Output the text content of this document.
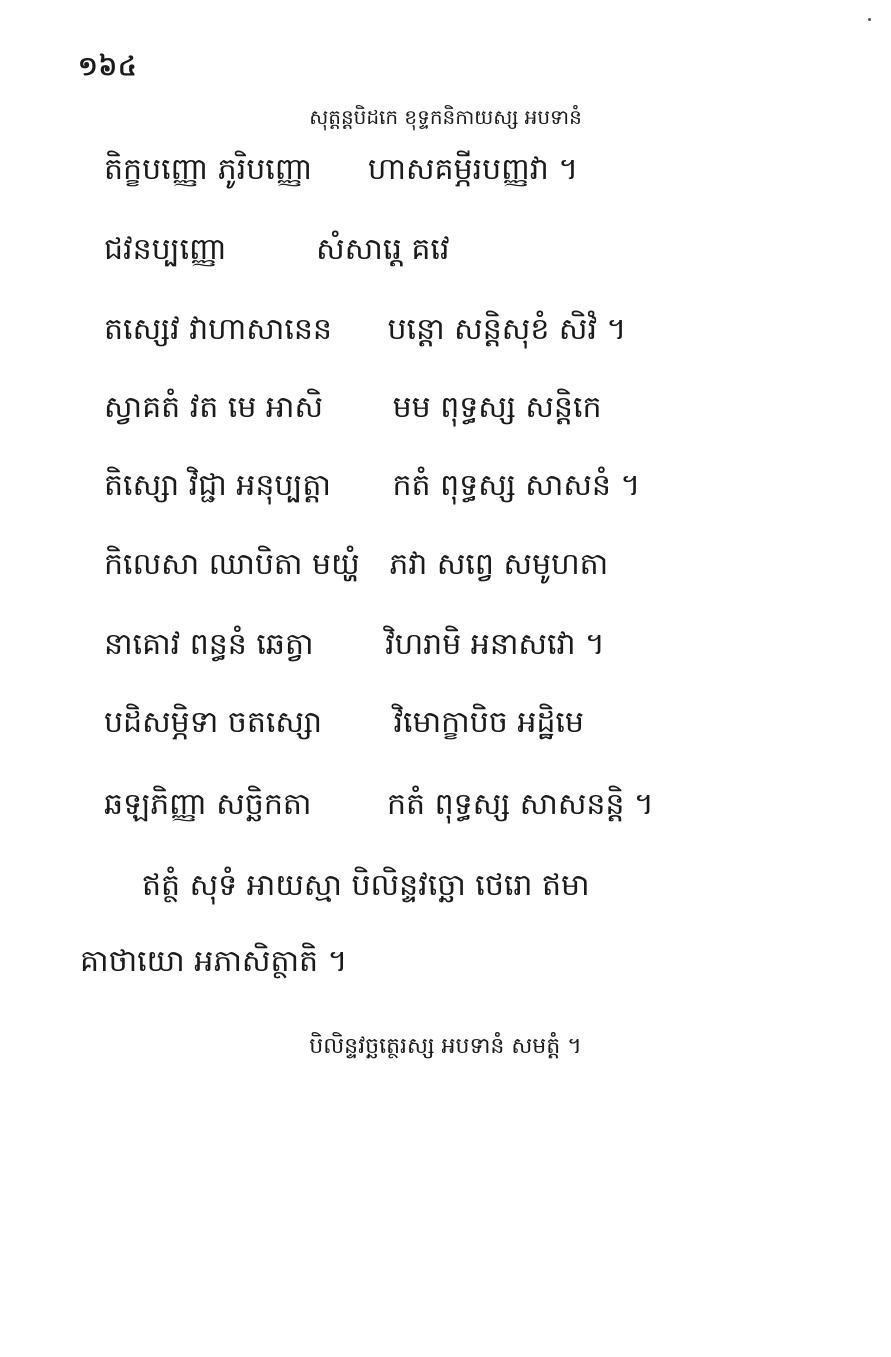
១៦៤
សុត្តន្តបិដកេ ខុទ្ទកនិកាយស្ស អបទានំ
តិក្ខបញ្ញោ ភូរិបញ្ញោ ហាសគម្ភីរបញ្ញវា ។
ជវនប្បញ្ញោ	សំសារេ្ត គវេ
តស្សេវ វាហាសានេន បន្តោ សន្តិសុខំ សិវំ ។
ស្វាគតំ វត មេ អាសិ មម ពុទ្ធស្ស សន្តិកេ
តិស្សោ វិជ្ជា អនុប្បត្តា កតំ ពុទ្ធស្ស សាសនំ ។
កិលេសា ឈាបិតា មយ្ហំ ភវា សព្វេ សមូហតា
នាគោវ ពន្ធនំ ឆេត្វា វិហរាមិ អនាសវោ ។
បដិសម្ភិទា ចតស្សោ វិមោក្ខាបិច អដ្ឋិមេ
ឆឡភិញ្ញា សច្ឆិកតា	កតំ ពុទ្ធស្ស សាសនន្តិ ។
ឥត្ថំ សុទំ អាយស្មា បិលិន្ទវច្ឆោ ថេរោ ឥមា
គាថាយោ អភាសិត្ថាតិ ។
បិលិន្ទវច្ឆត្ថេរស្ស អបទានំ សមត្តំ ។
